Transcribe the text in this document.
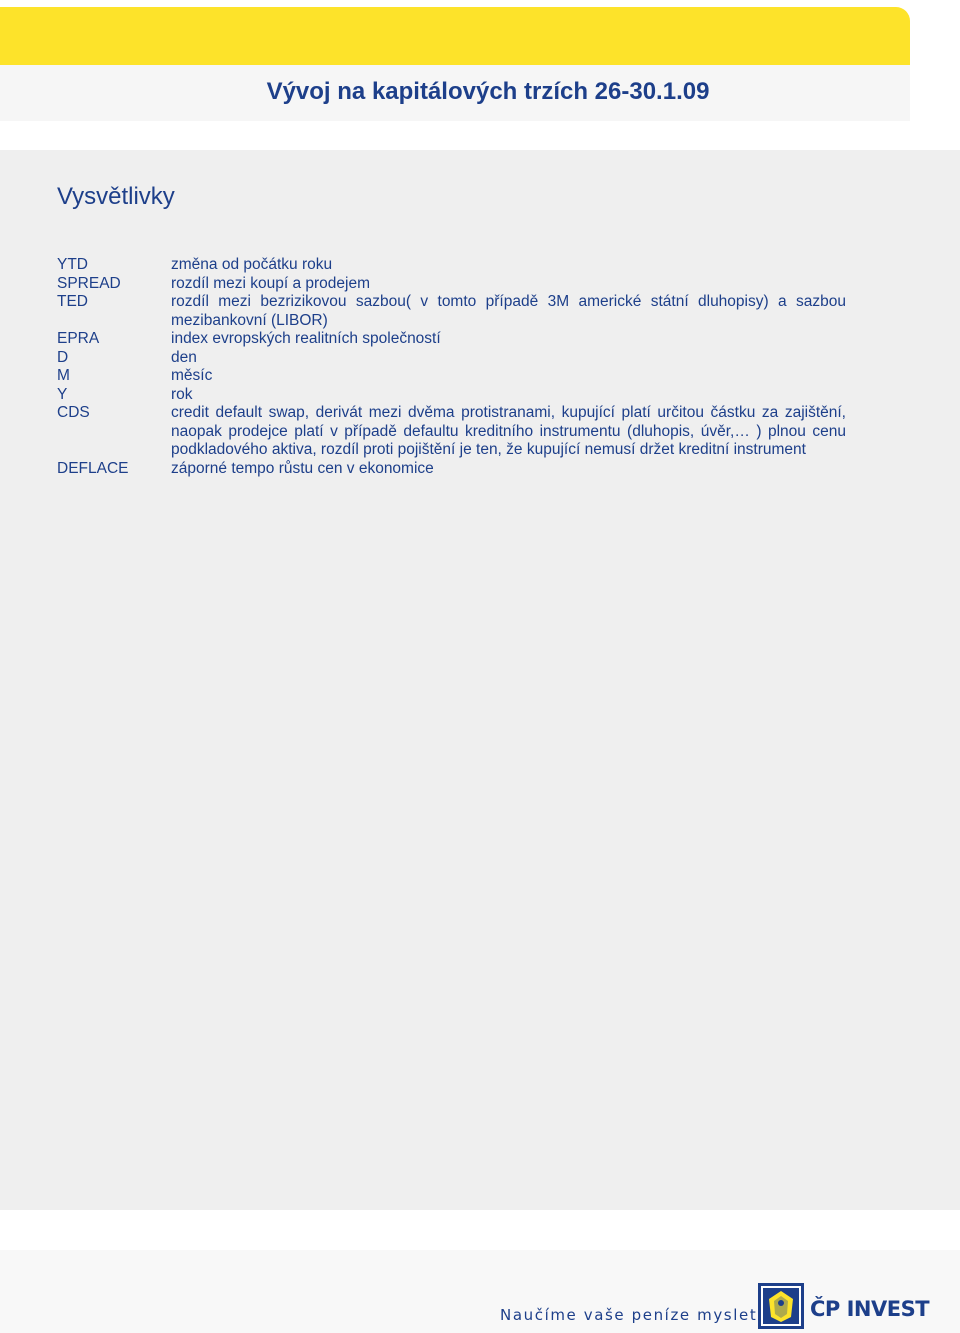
Vývoj na kapitálových trzích 26-30.1.09
Vysvětlivky
YTD	změna od počátku roku
SPREAD	rozdíl mezi koupí a prodejem
TED	rozdíl mezi bezrizikovou sazbou( v tomto případě 3M americké státní dluhopisy) a sazbou mezibankovní (LIBOR)
EPRA	index evropských realitních společností
D	den
M	měsíc
Y	rok
CDS	credit default swap, derivát mezi dvěma protistranami, kupující platí určitou částku za zajištění, naopak prodejce platí v případě defaultu kreditního instrumentu (dluhopis, úvěr,… ) plnou cenu podkladového aktiva, rozdíl proti pojištění je ten, že kupující nemusí držet kreditní instrument
DEFLACE	záporné tempo růstu cen v ekonomice
Naučíme vaše peníze myslet	ČP INVEST
